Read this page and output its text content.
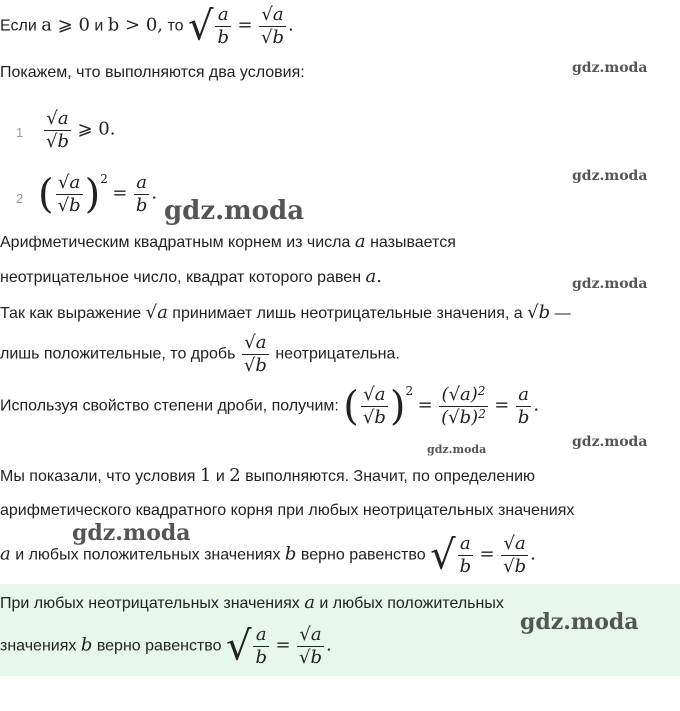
Если a ⩾ 0 и b > 0, то √ $\frac{a}{b} = \frac{√a}{√b}$ .
Покажем, что выполняются два условия:	gdz.moda
$1 \frac{√a}{√b}$ ⩾ 0.
2 ( $\frac{√a}{√b} )^2 = \frac{a}{b}$ .
gdz.moda
gdz.moda
Арифметическим квадратным корнем из числа a называется
неотрицательное число, квадрат которого равен a.	gdz.moda
Так как выражение √a принимает лишь неотрицательные значения, а √b —
лишь положительные, то дробь $\frac{√a}{√b}$ неотрицательна.
Используя свойство степени дроби, получим: ( $\frac{√a}{√b} )^2 = \frac{(√a)^2}{(√b)^2} = \frac{a}{b}$ .
gdz.moda	gdz.moda
Мы показали, что условия 1 и 2 выполняются. Значит, по определению
арифметического квадратного корня при любых неотрицательных значениях
gdz.moda
a и любых положительных значениях b верно равенство √ $\frac{a}{b} = \frac{√a}{√b}$ .
При любых неотрицательных значениях a и любых положительных
gdz.moda
значениях b верно равенство √ $\frac{a}{b} = \frac{√a}{√b}$ .
